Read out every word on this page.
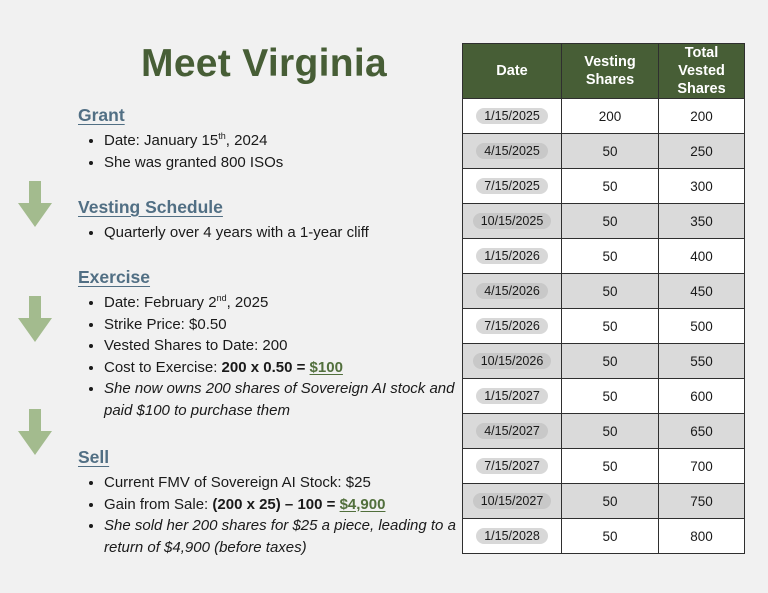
Meet Virginia
Grant
• Date: January 15th, 2024
• She was granted 800 ISOs
Vesting Schedule
• Quarterly over 4 years with a 1-year cliff
Exercise
• Date: February 2nd, 2025
• Strike Price: $0.50
• Vested Shares to Date: 200
• Cost to Exercise: 200 x 0.50 = $100
• She now owns 200 shares of Sovereign AI stock and paid $100 to purchase them
Sell
• Current FMV of Sovereign AI Stock: $25
• Gain from Sale: (200 x 25) – 100 = $4,900
• She sold her 200 shares for $25 a piece, leading to a return of $4,900 (before taxes)
Date	Vesting Shares	Total Vested Shares
1/15/2025	200	200
4/15/2025	50	250
7/15/2025	50	300
10/15/2025	50	350
1/15/2026	50	400
4/15/2026	50	450
7/15/2026	50	500
10/15/2026	50	550
1/15/2027	50	600
4/15/2027	50	650
7/15/2027	50	700
10/15/2027	50	750
1/15/2028	50	800
